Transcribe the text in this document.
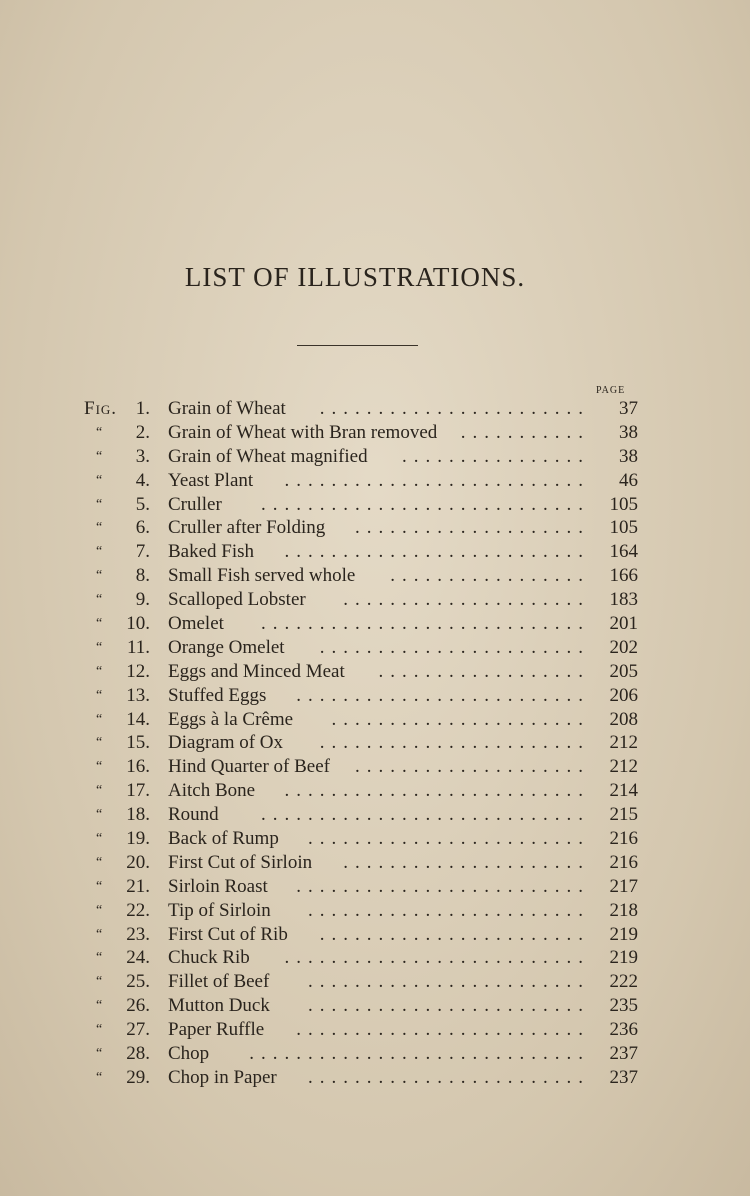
LIST OF ILLUSTRATIONS.
PAGE
Fig. 1. Grain of Wheat	37
.......................
“	2. Grain of Wheat with Bran removed	38
...........
“	3. Grain of Wheat magnified	38
................
“	4. Yeast Plant	46
..........................
“	5. Cruller	105
............................
“	6. Cruller after Folding	105
....................
“	7. Baked Fish	164
..........................
“	8. Small Fish served whole	166
.................
“	9. Scalloped Lobster	183
.....................
“	10. Omelet	201
............................
“	11. Orange Omelet	202
.......................
“	12. Eggs and Minced Meat	205
..................
“	13. Stuffed Eggs	206
.........................
“	14. Eggs à la Crême	208
......................
“	15. Diagram of Ox	212
.......................
“	16. Hind Quarter of Beef	212
....................
“	17. Aitch Bone	214
..........................
“	18. Round	215
............................
“	19. Back of Rump	216
........................
“	20. First Cut of Sirloin	216
.....................
“	21. Sirloin Roast	217
.........................
“	22. Tip of Sirloin	218
........................
“	23. First Cut of Rib	219
.......................
“	24. Chuck Rib	219
..........................
“	25. Fillet of Beef	222
........................
“	26. Mutton Duck	235
........................
“	27. Paper Ruffle	236
.........................
“	28. Chop	237
.............................
“	29. Chop in Paper	237
........................
